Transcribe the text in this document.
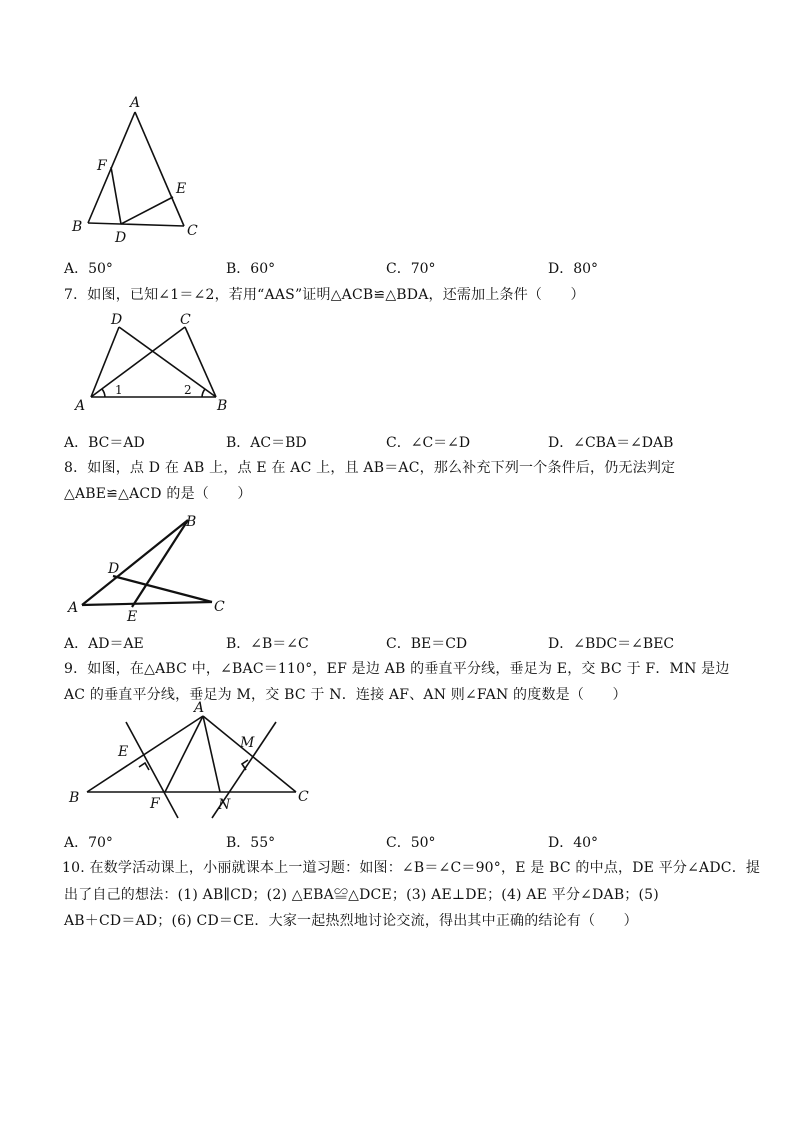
A
F
E
B
D	C
A．50°	B．60°	C．70°	D．80°
7．如图，已知∠1＝∠2，若用“AAS”证明△ACB≌△BDA，还需加上条件（　　）
D	C
A	B
1	2
A．BC＝AD	B．AC＝BD	C．∠C＝∠D	D．∠CBA＝∠DAB
8．如图，点 D 在 AB 上，点 E 在 AC 上，且 AB＝AC，那么补充下列一个条件后，仍无法判定
△ABE≌△ACD 的是（　　）
B
D
A
E
C
A．AD＝AE	B．∠B＝∠C	C．BE＝CD	D．∠BDC＝∠BEC
9．如图，在△ABC 中，∠BAC＝110°，EF 是边 AB 的垂直平分线，垂足为 E，交 BC 于 F．MN 是边
AC 的垂直平分线，垂足为 M，交 BC 于 N．连接 AF、AN 则∠FAN 的度数是（　　）
A
E
M
B	F	N	C
A．70°	B．55°	C．50°	D．40°
10. 在数学活动课上，小丽就课本上一道习题：如图：∠B＝∠C＝90°，E 是 BC 的中点，DE 平分∠ADC．提
出了自己的想法：(1) AB∥CD；(2) △EBA≌△DCE；(3) AE⊥DE；(4) AE 平分∠DAB；(5)
AB＋CD＝AD；(6) CD＝CE．大家一起热烈地讨论交流，得出其中正确的结论有（　　）
